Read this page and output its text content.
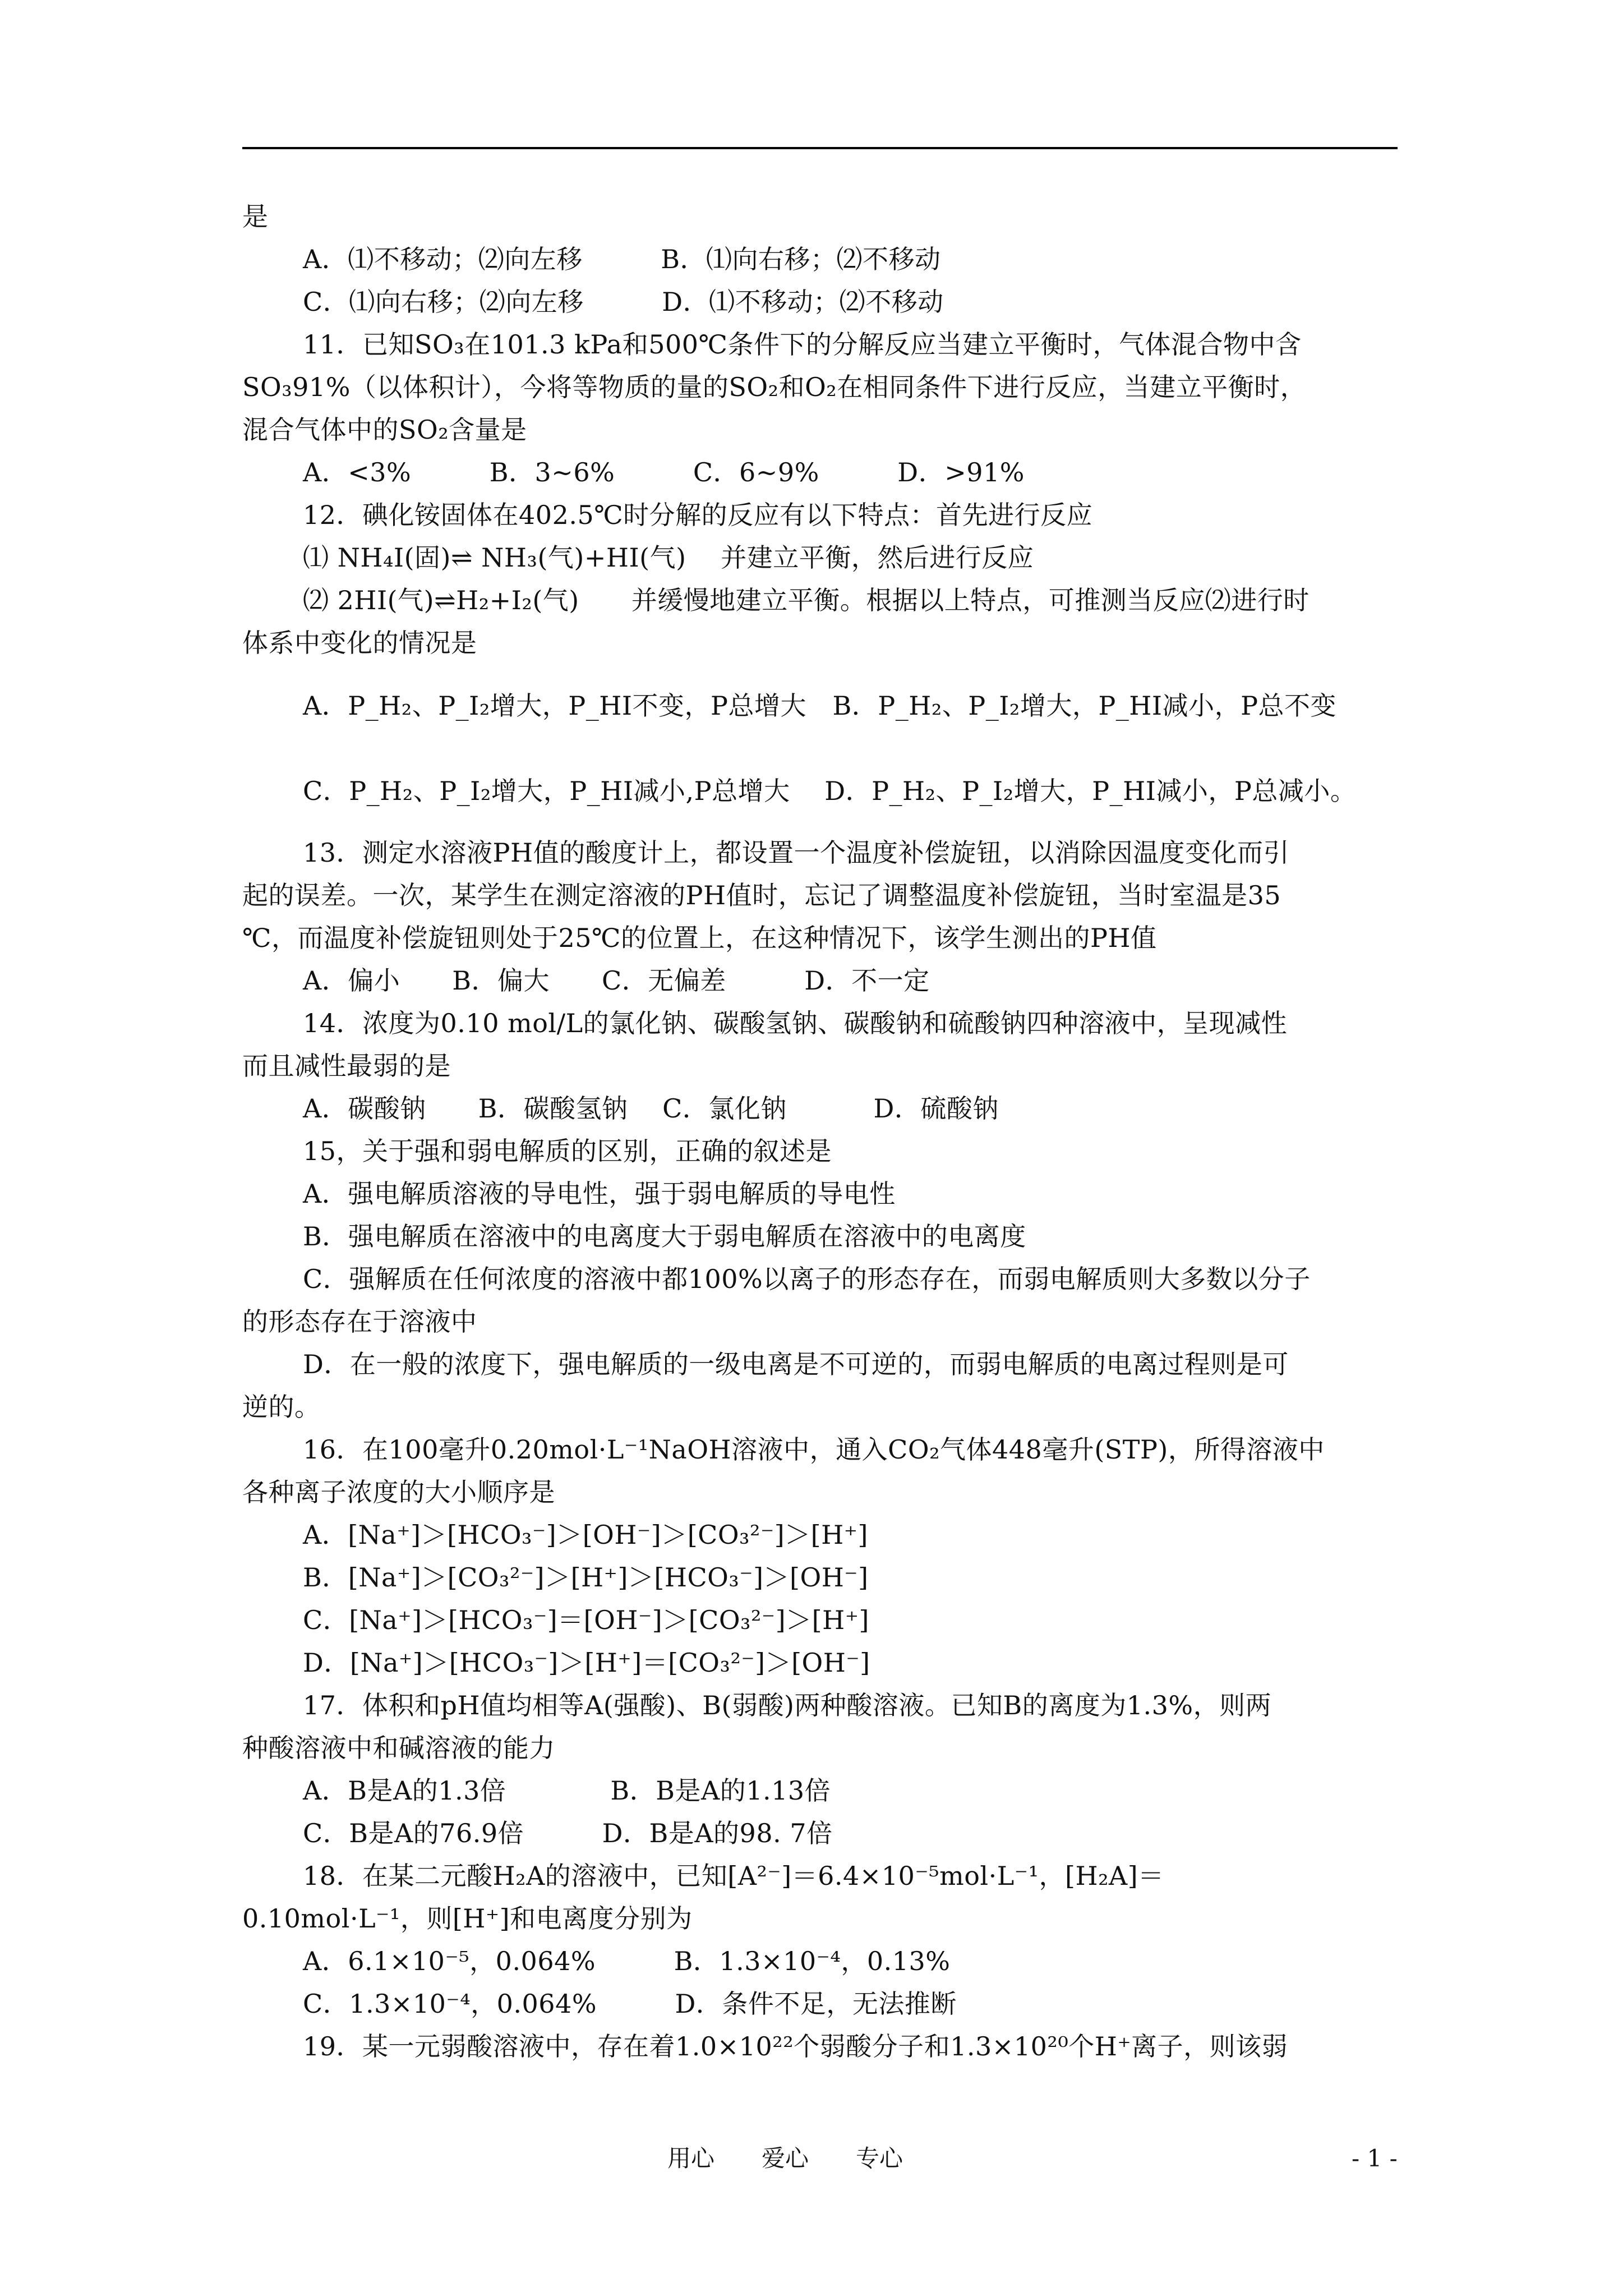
是
A．⑴不移动；⑵向左移　　　B．⑴向右移；⑵不移动
C．⑴向右移；⑵向左移　　　D．⑴不移动；⑵不移动
11．已知SO₃在101.3 kPa和500℃条件下的分解反应当建立平衡时，气体混合物中含
SO₃91%（以体积计），今将等物质的量的SO₂和O₂在相同条件下进行反应，当建立平衡时，
混合气体中的SO₂含量是
A．<3%　　　B．3~6%　　　C．6~9%　　　D．>91%
12．碘化铵固体在402.5℃时分解的反应有以下特点：首先进行反应
⑴ NH₄I(固)⇌ NH₃(气)+HI(气)　 并建立平衡，然后进行反应
⑵ 2HI(气)⇌H₂+I₂(气)　　并缓慢地建立平衡。根据以上特点，可推测当反应⑵进行时
体系中变化的情况是
A．P_H₂、P_I₂增大，P_HI不变，P总增大　B．P_H₂、P_I₂增大，P_HI减小，P总不变
C．P_H₂、P_I₂增大，P_HI减小,P总增大　 D．P_H₂、P_I₂增大，P_HI减小，P总减小。
13．测定水溶液PH值的酸度计上，都设置一个温度补偿旋钮，以消除因温度变化而引
起的误差。一次，某学生在测定溶液的PH值时，忘记了调整温度补偿旋钮，当时室温是35
℃，而温度补偿旋钮则处于25℃的位置上，在这种情况下，该学生测出的PH值
A．偏小　　B．偏大　　C．无偏差　　　D．不一定
14．浓度为0.10 mol/L的氯化钠、碳酸氢钠、碳酸钠和硫酸钠四种溶液中，呈现减性
而且减性最弱的是
A．碳酸钠　　B．碳酸氢钠　 C．氯化钠　　　 D．硫酸钠
15，关于强和弱电解质的区别，正确的叙述是
A．强电解质溶液的导电性，强于弱电解质的导电性
B．强电解质在溶液中的电离度大于弱电解质在溶液中的电离度
C．强解质在任何浓度的溶液中都100%以离子的形态存在，而弱电解质则大多数以分子
的形态存在于溶液中
D．在一般的浓度下，强电解质的一级电离是不可逆的，而弱电解质的电离过程则是可
逆的。
16．在100毫升0.20mol·L⁻¹NaOH溶液中，通入CO₂气体448毫升(STP)，所得溶液中
各种离子浓度的大小顺序是
A．[Na⁺]＞[HCO₃⁻]＞[OH⁻]＞[CO₃²⁻]＞[H⁺]
B．[Na⁺]＞[CO₃²⁻]＞[H⁺]＞[HCO₃⁻]＞[OH⁻]
C．[Na⁺]＞[HCO₃⁻]＝[OH⁻]＞[CO₃²⁻]＞[H⁺]
D．[Na⁺]＞[HCO₃⁻]＞[H⁺]＝[CO₃²⁻]＞[OH⁻]
17．体积和pH值均相等A(强酸)、B(弱酸)两种酸溶液。已知B的离度为1.3%，则两
种酸溶液中和碱溶液的能力
A．B是A的1.3倍　　　　B．B是A的1.13倍
C．B是A的76.9倍　　　D．B是A的98. 7倍
18．在某二元酸H₂A的溶液中，已知[A²⁻]＝6.4×10⁻⁵mol·L⁻¹，[H₂A]＝
0.10mol·L⁻¹，则[H⁺]和电离度分别为
A．6.1×10⁻⁵，0.064%　　　B．1.3×10⁻⁴，0.13%
C．1.3×10⁻⁴，0.064%　　　D．条件不足，无法推断
19．某一元弱酸溶液中，存在着1.0×10²²个弱酸分子和1.3×10²⁰个H⁺离子，则该弱
用心　　爱心　　专心	- 1 -
